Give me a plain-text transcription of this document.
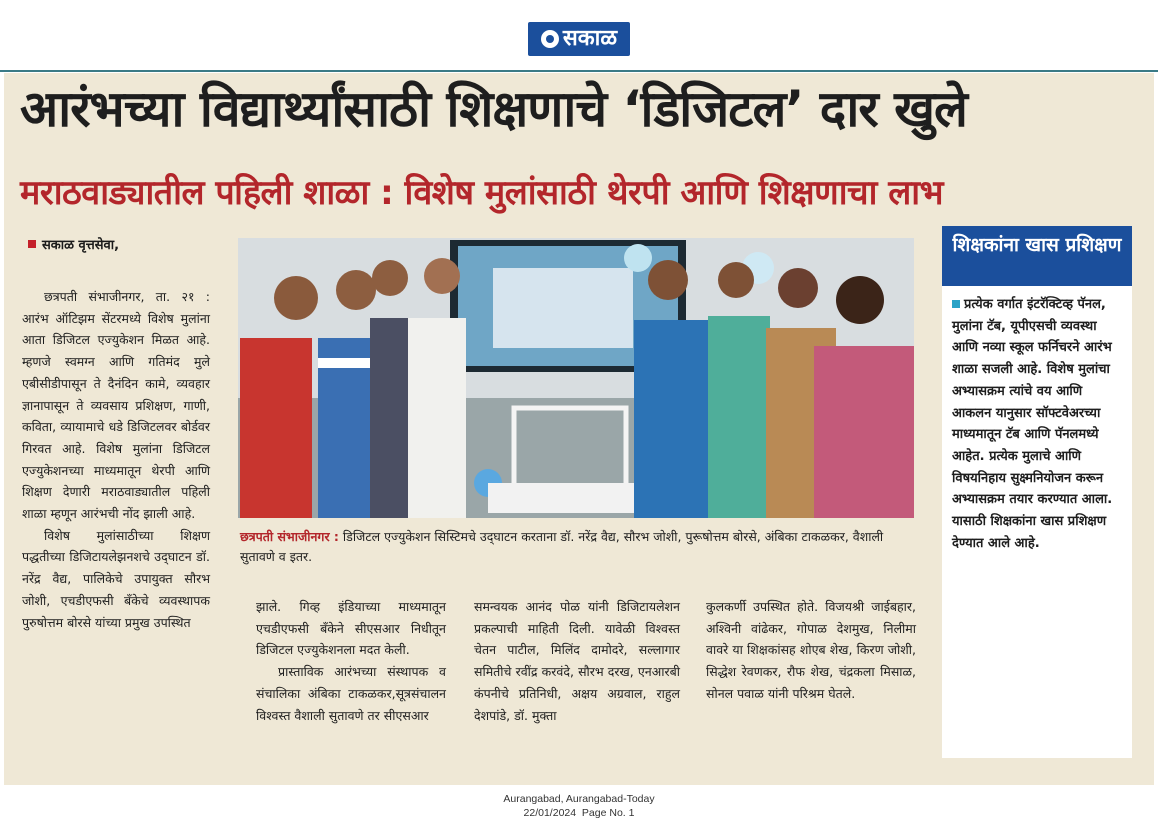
सकाळ
आरंभच्या विद्यार्थ्यांसाठी शिक्षणाचे ‘डिजिटल’ दार खुले
मराठवाड्यातील पहिली शाळा : विशेष मुलांसाठी थेरपी आणि शिक्षणाचा लाभ
सकाळ वृत्तसेवा,

छत्रपती संभाजीनगर, ता. २१ : आरंभ ऑटिझम सेंटरमध्ये विशेष मुलांना आता डिजिटल एज्युकेशन मिळत आहे. म्हणजे स्वमग्न आणि गतिमंद मुले एबीसीडीपासून ते दैनंदिन कामे, व्यवहार ज्ञानापासून ते व्यवसाय प्रशिक्षण, गाणी, कविता, व्यायामाचे धडे डिजिटलवर बोर्डवर गिरवत आहे. विशेष मुलांना डिजिटल एज्युकेशनच्या माध्यमातून थेरपी आणि शिक्षण देणारी मराठवाड्यातील पहिली शाळा म्हणून आरंभची नोंद झाली आहे.

विशेष मुलांसाठीच्या शिक्षण पद्धतीच्या डिजिटायलेझनशचे उद्‍घाटन डॉ. नरेंद्र वैद्य, पालिकेचे उपायुक्त सौरभ जोशी, एचडीएफसी बँकेचे व्यवस्थापक पुरुषोत्तम बोरसे यांच्या प्रमुख उपस्थित

छत्रपती संभाजीनगर : डिजिटल एज्युकेशन सिस्टिमचे उद्‍घाटन करताना डॉ. नरेंद्र वैद्य, सौरभ जोशी, पुरूषोत्तम बोरसे, अंबिका टाकळकर, वैशाली सुतावणे व इतर.

झाले. गिव्ह इंडियाच्या माध्यमातून एचडीएफसी बँकेने सीएसआर निधीतून डिजिटल एज्युकेशनला मदत केली.

प्रास्ताविक आरंभच्या संस्थापक व संचालिका अंबिका टाकळकर,सूत्रसंचालन विश्वस्त वैशाली सुतावणे तर सीएसआर

समन्वयक आनंद पोळ यांनी डिजिटायलेशन प्रकल्पाची माहिती दिली. यावेळी विश्वस्त चेतन पाटील, मिलिंद दामोदरे, सल्लागार समितीचे रवींद्र करवंदे, सौरभ दरख, एनआरबी कंपनीचे प्रतिनिधी, अक्षय अग्रवाल, राहुल देशपांडे, डॉ. मुक्ता

कुलकर्णी उपस्थित होते. विजयश्री जाईबहार, अश्विनी वांढेकर, गोपाळ देशमुख, निलीमा वावरे या शिक्षकांसह शोएब शेख, किरण जोशी, सिद्धेश रेवणकर, रौफ शेख, चंद्रकला मिसाळ, सोनल पवाळ यांनी परिश्रम घेतले.

शिक्षकांना खास प्रशिक्षण
प्रत्येक वर्गात इंटरॅक्टिव्ह पॅनल, मुलांना टॅब, यूपीएसची व्यवस्था आणि नव्या स्कूल फर्निचरने आरंभ शाळा सजली आहे. विशेष मुलांचा अभ्यासक्रम त्यांचे वय आणि आकलन यानुसार सॉफ्टवेअरच्या माध्यमातून टॅब आणि पॅनलमध्ये आहेत. प्रत्येक मुलाचे आणि विषयनिहाय सुक्ष्मनियोजन करून अभ्यासक्रम तयार करण्यात आला. यासाठी शिक्षकांना खास प्रशिक्षण देण्यात आले आहे.
Aurangabad, Aurangabad-Today
22/01/2024  Page No. 1
